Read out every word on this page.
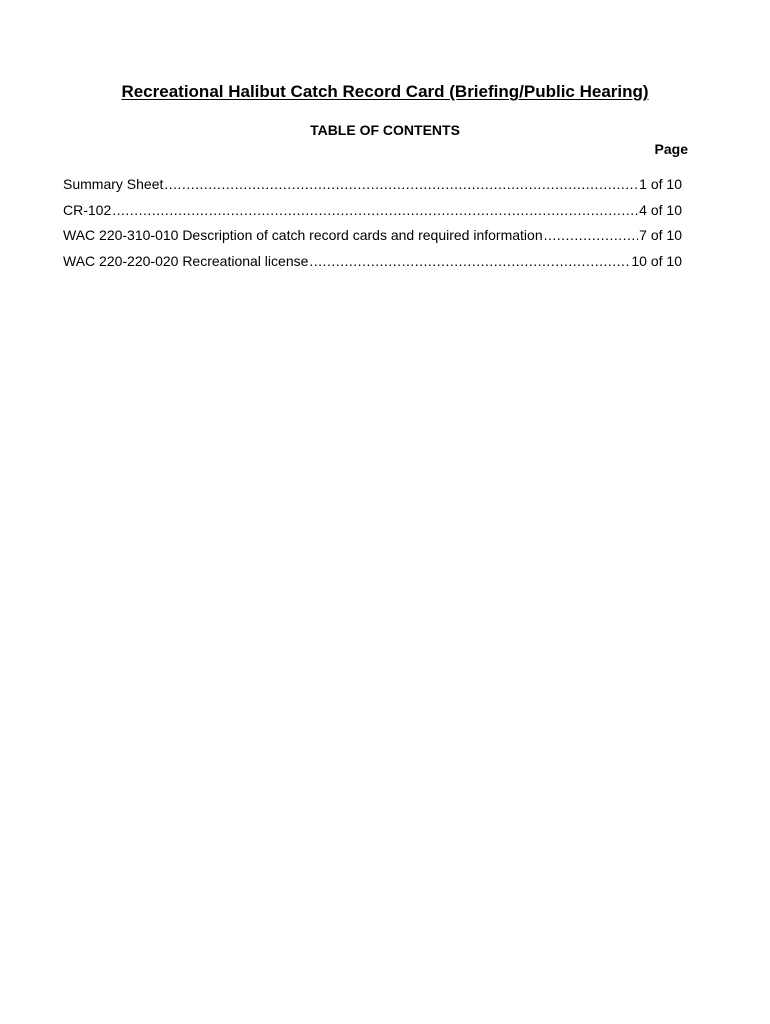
Recreational Halibut Catch Record Card (Briefing/Public Hearing)
TABLE OF CONTENTS
Page
Summary Sheet .....	1 of 10
CR-102 .....	4 of 10
WAC 220-310-010 Description of catch record cards and required information .....	7 of 10
WAC 220-220-020 Recreational license .....	10 of 10
